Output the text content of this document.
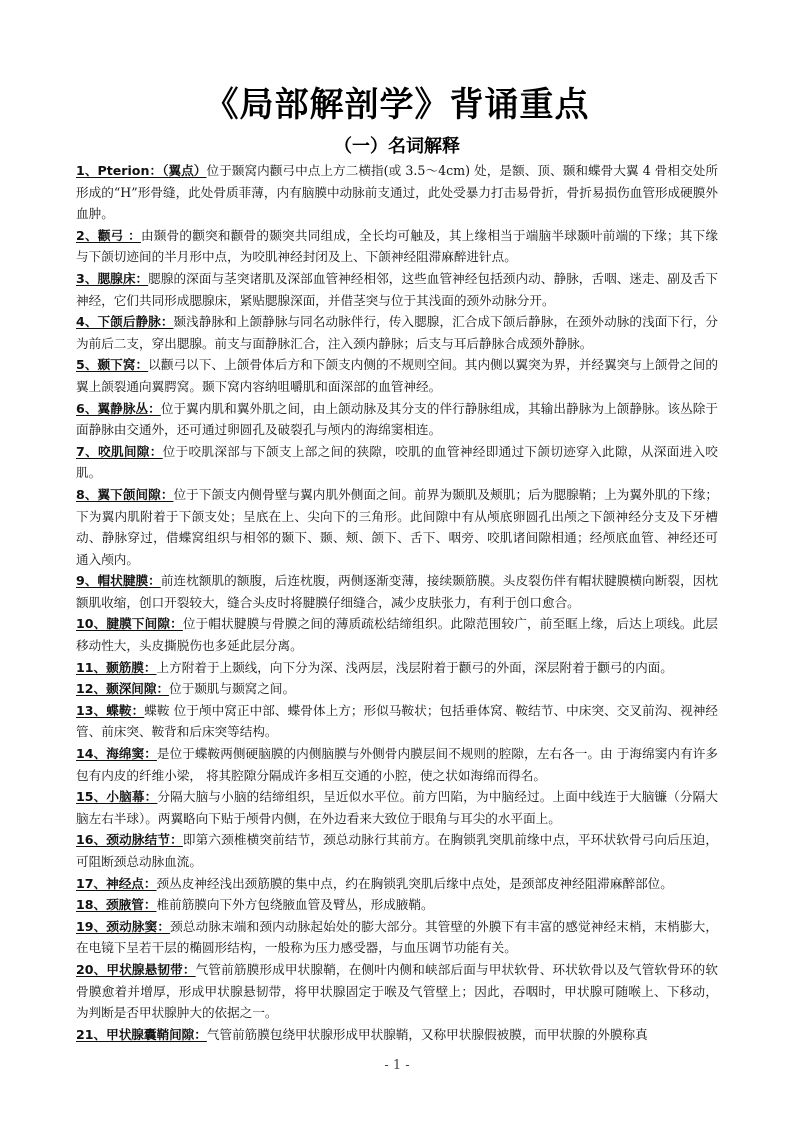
《局部解剖学》背诵重点
（一）名词解释

1、Pterion：（翼点）位于颞窝内颧弓中点上方二横指(或 3.5～4cm) 处，是额、顶、颞和蝶骨大翼 4 骨相交处所形成的“H”形骨缝，此处骨质菲薄，内有脑膜中动脉前支通过，此处受暴力打击易骨折，骨折易损伤血管形成硬膜外血肿。

2、颧弓 ：由颞骨的颧突和颧骨的颞突共同组成，全长均可触及，其上缘相当于端脑半球颞叶前端的下缘；其下缘与下颌切迹间的半月形中点，为咬肌神经封闭及上、下颌神经阻滞麻醉进针点。

3、腮腺床：腮腺的深面与茎突诸肌及深部血管神经相邻，这些血管神经包括颈内动、静脉，舌咽、迷走、副及舌下神经，它们共同形成腮腺床，紧贴腮腺深面，并借茎突与位于其浅面的颈外动脉分开。

4、下颌后静脉：颞浅静脉和上颌静脉与同名动脉伴行，传入腮腺，汇合成下颌后静脉，在颈外动脉的浅面下行，分为前后二支，穿出腮腺。前支与面静脉汇合，注入颈内静脉；后支与耳后静脉合成颈外静脉。

5、颞下窝：以颧弓以下、上颌骨体后方和下颌支内侧的不规则空间。其内侧以翼突为界，并经翼突与上颌骨之间的翼上颌裂通向翼腭窝。颞下窝内容纳咀嚼肌和面深部的血管神经。

6、翼静脉丛：位于翼内肌和翼外肌之间，由上颌动脉及其分支的伴行静脉组成，其输出静脉为上颌静脉。该丛除于面静脉由交通外，还可通过卵圆孔及破裂孔与颅内的海绵窦相连。

7、咬肌间隙：位于咬肌深部与下颌支上部之间的狭隙，咬肌的血管神经即通过下颌切迹穿入此隙，从深面进入咬肌。

8、翼下颌间隙：位于下颌支内侧骨壁与翼内肌外侧面之间。前界为颞肌及颊肌；后为腮腺鞘；上为翼外肌的下缘；下为翼内肌附着于下颌支处；呈底在上、尖向下的三角形。此间隙中有从颅底卵圆孔出颅之下颌神经分支及下牙槽动、静脉穿过，借蝶窝组织与相邻的颞下、颞、颊、颌下、舌下、咽旁、咬肌诸间隙相通；经颅底血管、神经还可通入颅内。

9、帽状腱膜：前连枕额肌的额腹，后连枕腹，两侧逐渐变薄，接续颞筋膜。头皮裂伤伴有帽状腱膜横向断裂，因枕额肌收缩，创口开裂较大，缝合头皮时将腱膜仔细缝合，减少皮肤张力，有利于创口愈合。

10、腱膜下间隙：位于帽状腱膜与骨膜之间的薄质疏松结缔组织。此隙范围较广，前至眶上缘，后达上项线。此层移动性大，头皮撕脱伤也多延此层分离。

11、颞筋膜：上方附着于上颞线，向下分为深、浅两层，浅层附着于颧弓的外面，深层附着于颧弓的内面。

12、颞深间隙：位于颞肌与颞窝之间。

13、蝶鞍：蝶鞍 位于颅中窝正中部、蝶骨体上方；形似马鞍状；包括垂体窝、鞍结节、中床突、交叉前沟、视神经管、前床突、鞍背和后床突等结构。

14、海绵窦：是位于蝶鞍两侧硬脑膜的内侧脑膜与外侧骨内膜层间不规则的腔隙，左右各一。由 于海绵窦内有许多包有内皮的纤维小梁， 将其腔隙分隔成许多相互交通的小腔，使之状如海绵而得名。

15、小脑幕：分隔大脑与小脑的结缔组织，呈近似水平位。前方凹陷，为中脑经过。上面中线连于大脑镰（分隔大脑左右半球）。两翼略向下贴于颅骨内侧，在外边看来大致位于眼角与耳尖的水平面上。

16、颈动脉结节：即第六颈椎横突前结节，颈总动脉行其前方。在胸锁乳突肌前缘中点，平环状软骨弓向后压迫，可阻断颈总动脉血流。

17、神经点：颈丛皮神经浅出颈筋膜的集中点，约在胸锁乳突肌后缘中点处，是颈部皮神经阻滞麻醉部位。

18、颈腋管：椎前筋膜向下外方包绕腋血管及臂丛，形成腋鞘。

19、颈动脉窦：颈总动脉末端和颈内动脉起始处的膨大部分。其管壁的外膜下有丰富的感觉神经末梢，末梢膨大，在电镜下呈若干层的椭圆形结构，一般称为压力感受器，与血压调节功能有关。

20、甲状腺悬韧带：气管前筋膜形成甲状腺鞘，在侧叶内侧和峡部后面与甲状软骨、环状软骨以及气管软骨环的软骨膜愈着并增厚，形成甲状腺悬韧带，将甲状腺固定于喉及气管壁上；因此，吞咽时，甲状腺可随喉上、下移动，为判断是否甲状腺肿大的依据之一。

21、甲状腺囊鞘间隙：气管前筋膜包绕甲状腺形成甲状腺鞘，又称甲状腺假被膜，而甲状腺的外膜称真

- 1 -
